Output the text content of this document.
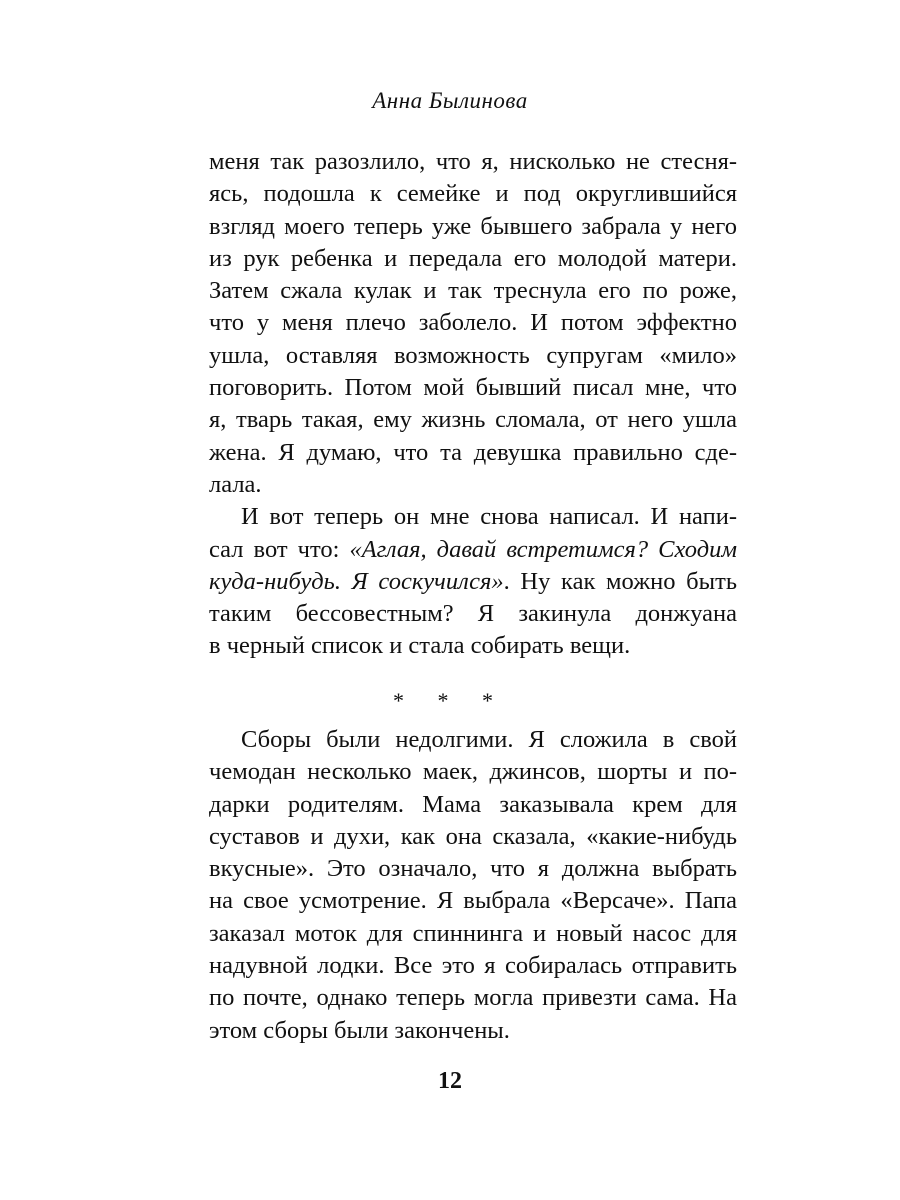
Анна Былинова
меня так разозлило, что я, нисколько не стесня-
ясь, подошла к семейке и под округлившийся
взгляд моего теперь уже бывшего забрала у него
из рук ребенка и передала его молодой матери.
Затем сжала кулак и так треснула его по роже,
что у меня плечо заболело. И потом эффектно
ушла, оставляя возможность супругам «мило»
поговорить. Потом мой бывший писал мне, что
я, тварь такая, ему жизнь сломала, от него ушла
жена. Я думаю, что та девушка правильно сде-
лала.
И вот теперь он мне снова написал. И напи-
сал вот что: «Аглая, давай встретимся? Сходим
куда-нибудь. Я соскучился». Ну как можно быть
таким бессовестным? Я закинула донжуана
в черный список и стала собирать вещи.
* * *
Сборы были недолгими. Я сложила в свой
чемодан несколько маек, джинсов, шорты и по-
дарки родителям. Мама заказывала крем для
суставов и духи, как она сказала, «какие-нибудь
вкусные». Это означало, что я должна выбрать
на свое усмотрение. Я выбрала «Версаче». Папа
заказал моток для спиннинга и новый насос для
надувной лодки. Все это я собиралась отправить
по почте, однако теперь могла привезти сама. На
этом сборы были закончены.
12
